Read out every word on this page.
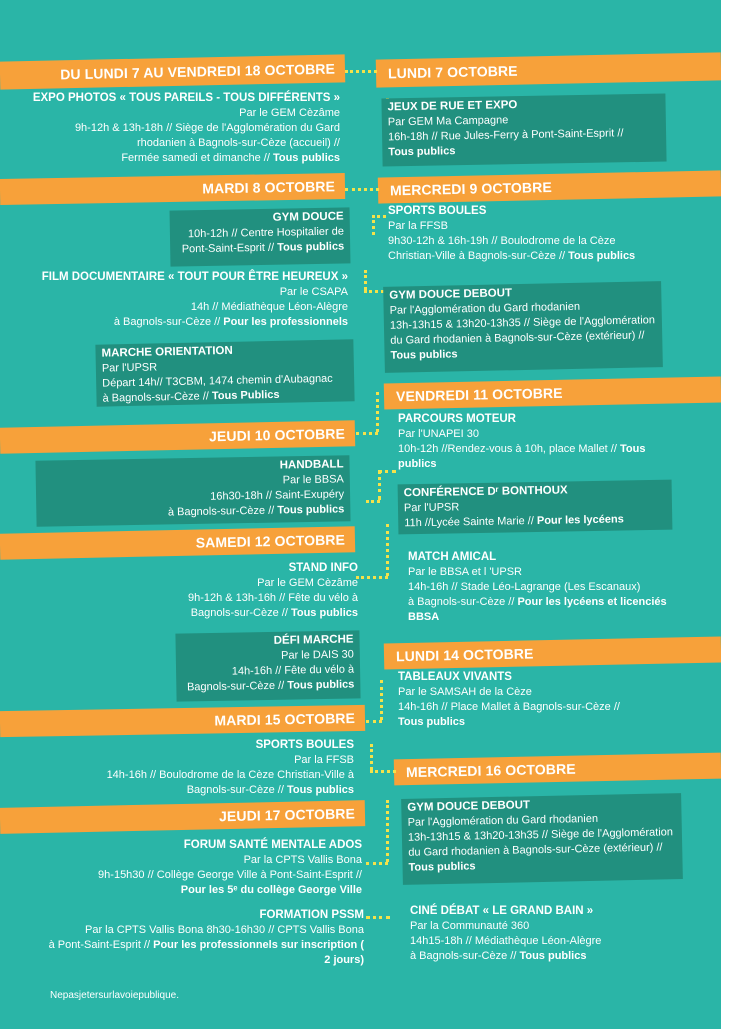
DU LUNDI 7 AU VENDREDI 18 OCTOBRE
MARDI 8 OCTOBRE
JEUDI 10 OCTOBRE
SAMEDI 12 OCTOBRE
MARDI 15 OCTOBRE
JEUDI 17 OCTOBRE
LUNDI 7 OCTOBRE
MERCREDI 9 OCTOBRE
VENDREDI 11 OCTOBRE
LUNDI 14 OCTOBRE
MERCREDI 16 OCTOBRE
EXPO PHOTOS « TOUS PAREILS - TOUS DIFFÉRENTS »
Par le GEM Cèzâme
9h-12h & 13h-18h // Siège de l'Agglomération du Gard
rhodanien à Bagnols-sur-Cèze (accueil) //
Fermée samedi et dimanche // Tous publics
GYM DOUCE
10h-12h // Centre Hospitalier de
Pont-Saint-Esprit // Tous publics
FILM DOCUMENTAIRE « TOUT POUR ÊTRE HEUREUX »
Par le CSAPA
14h // Médiathèque Léon-Alègre
à Bagnols-sur-Cèze // Pour les professionnels
MARCHE ORIENTATION
Par l'UPSR
Départ 14h// T3CBM, 1474 chemin d'Aubagnac
à Bagnols-sur-Cèze // Tous Publics
HANDBALL
Par le BBSA
16h30-18h // Saint-Exupéry
à Bagnols-sur-Cèze // Tous publics
STAND INFO
Par le GEM Cèzâme
9h-12h & 13h-16h // Fête du vélo à
Bagnols-sur-Cèze // Tous publics
DÉFI MARCHE
Par le DAIS 30
14h-16h // Fête du vélo à
Bagnols-sur-Cèze // Tous publics
SPORTS BOULES
Par la FFSB
14h-16h // Boulodrome de la Cèze Christian-Ville à
Bagnols-sur-Cèze // Tous publics
FORUM SANTÉ MENTALE ADOS
Par la CPTS Vallis Bona
9h-15h30 // Collège George Ville à Pont-Saint-Esprit //
Pour les 5ᵉ du collège George Ville
FORMATION PSSM
Par la CPTS Vallis Bona 8h30-16h30 // CPTS Vallis Bona
à Pont-Saint-Esprit // Pour les professionnels sur inscription ( 2 jours)
JEUX DE RUE ET EXPO
Par GEM Ma Campagne
16h-18h // Rue Jules-Ferry à Pont-Saint-Esprit //
Tous publics
SPORTS BOULES
Par la FFSB
9h30-12h & 16h-19h // Boulodrome de la Cèze
Christian-Ville à Bagnols-sur-Cèze // Tous publics
GYM DOUCE DEBOUT
Par l'Agglomération du Gard rhodanien
13h-13h15 & 13h20-13h35 // Siège de l'Agglomération
du Gard rhodanien à Bagnols-sur-Cèze (extérieur) //
Tous publics
PARCOURS MOTEUR
Par l'UNAPEI 30
10h-12h //Rendez-vous à 10h, place Mallet // Tous publics
CONFÉRENCE Dʳ BONTHOUX
Par l'UPSR
11h //Lycée Sainte Marie // Pour les lycéens
MATCH AMICAL
Par le BBSA et l 'UPSR
14h-16h // Stade Léo-Lagrange (Les Escanaux)
à Bagnols-sur-Cèze // Pour les lycéens et licenciés BBSA
TABLEAUX VIVANTS
Par le SAMSAH de la Cèze
14h-16h // Place Mallet à Bagnols-sur-Cèze //
Tous publics
GYM DOUCE DEBOUT
Par l'Agglomération du Gard rhodanien
13h-13h15 & 13h20-13h35 // Siège de l'Agglomération
du Gard rhodanien à Bagnols-sur-Cèze (extérieur) //
Tous publics
CINÉ DÉBAT « LE GRAND BAIN »
Par la Communauté 360
14h15-18h // Médiathèque Léon-Alègre
à Bagnols-sur-Cèze // Tous publics
Nepasjetersurlavoiepublique.
